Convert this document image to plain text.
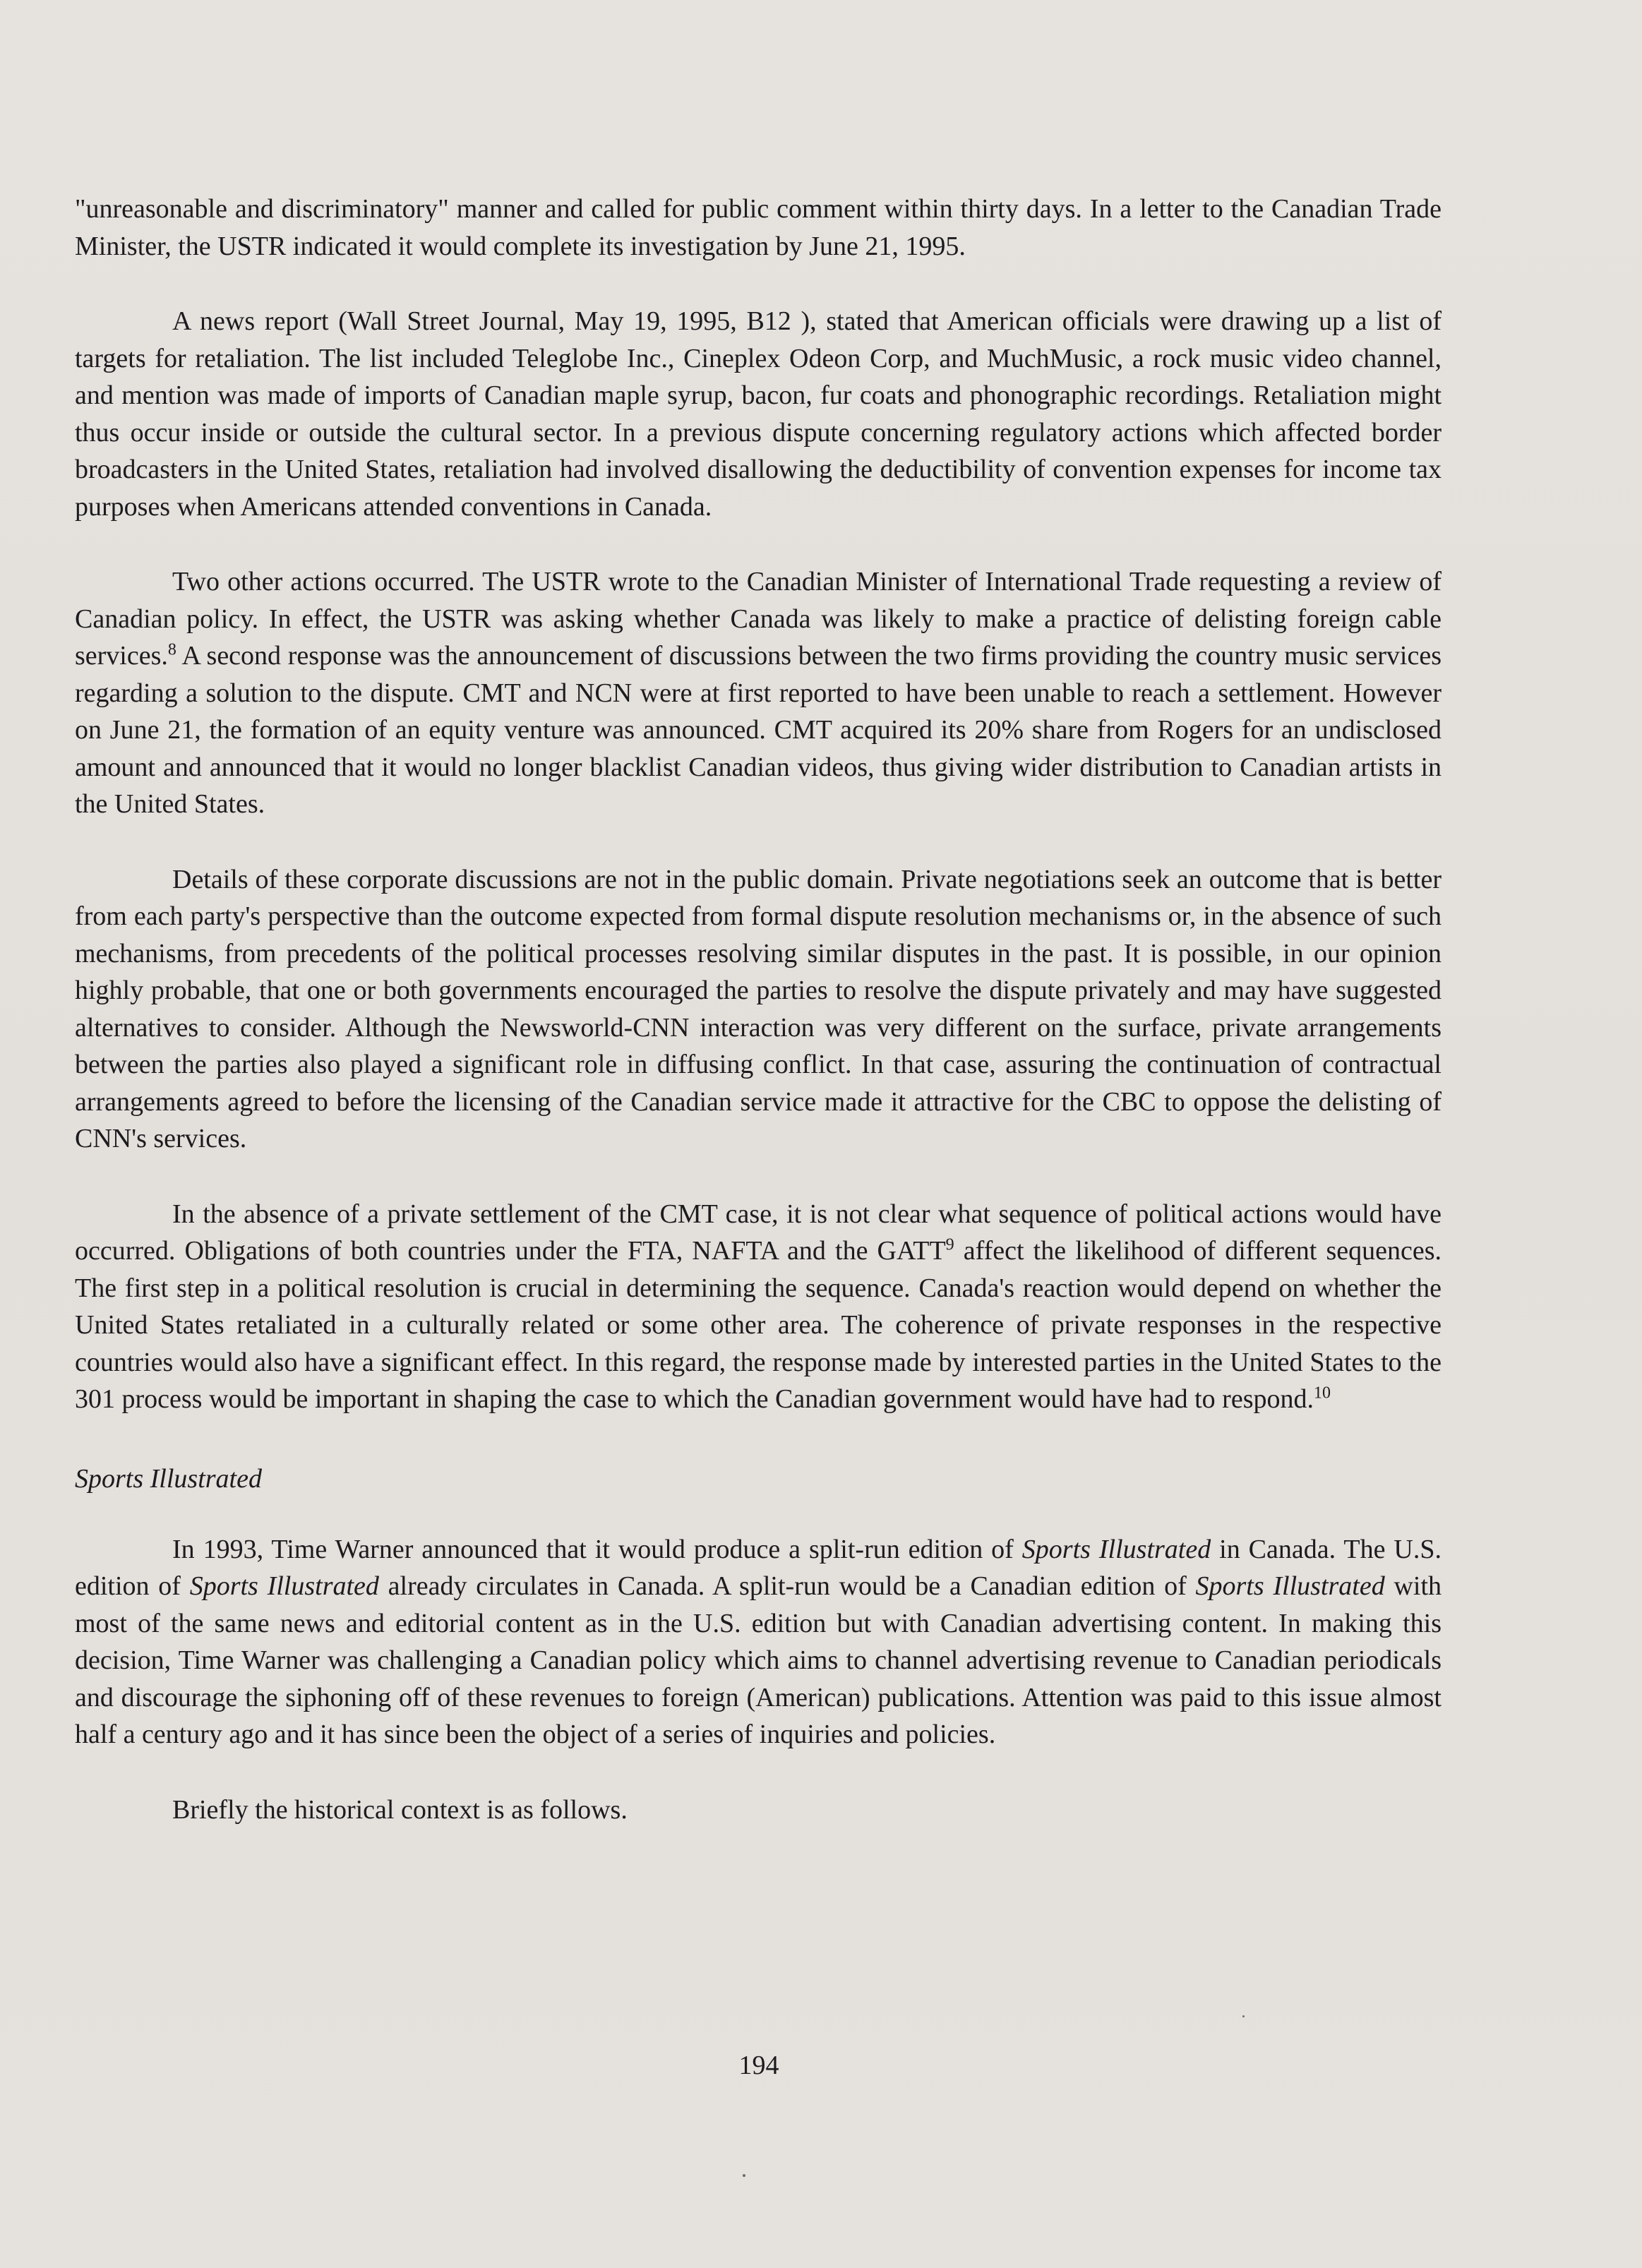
"unreasonable and discriminatory" manner and called for public comment within thirty days. In a letter to the Canadian Trade Minister, the USTR indicated it would complete its investigation by June 21, 1995.

A news report (Wall Street Journal, May 19, 1995, B12 ), stated that American officials were drawing up a list of targets for retaliation. The list included Teleglobe Inc., Cineplex Odeon Corp, and MuchMusic, a rock music video channel, and mention was made of imports of Canadian maple syrup, bacon, fur coats and phonographic recordings. Retaliation might thus occur inside or outside the cultural sector. In a previous dispute concerning regulatory actions which affected border broadcasters in the United States, retaliation had involved disallowing the deductibility of convention expenses for income tax purposes when Americans attended conventions in Canada.

Two other actions occurred. The USTR wrote to the Canadian Minister of International Trade requesting a review of Canadian policy. In effect, the USTR was asking whether Canada was likely to make a practice of delisting foreign cable services.$^8$ A second response was the announcement of discussions between the two firms providing the country music services regarding a solution to the dispute. CMT and NCN were at first reported to have been unable to reach a settlement. However on June 21, the formation of an equity venture was announced. CMT acquired its 20% share from Rogers for an undisclosed amount and announced that it would no longer blacklist Canadian videos, thus giving wider distribution to Canadian artists in the United States.

Details of these corporate discussions are not in the public domain. Private negotiations seek an outcome that is better from each party's perspective than the outcome expected from formal dispute resolution mechanisms or, in the absence of such mechanisms, from precedents of the political processes resolving similar disputes in the past. It is possible, in our opinion highly probable, that one or both governments encouraged the parties to resolve the dispute privately and may have suggested alternatives to consider. Although the Newsworld-CNN interaction was very different on the surface, private arrangements between the parties also played a significant role in diffusing conflict. In that case, assuring the continuation of contractual arrangements agreed to before the licensing of the Canadian service made it attractive for the CBC to oppose the delisting of CNN's services.

In the absence of a private settlement of the CMT case, it is not clear what sequence of political actions would have occurred. Obligations of both countries under the FTA, NAFTA and the GATT$^9$ affect the likelihood of different sequences. The first step in a political resolution is crucial in determining the sequence. Canada's reaction would depend on whether the United States retaliated in a culturally related or some other area. The coherence of private responses in the respective countries would also have a significant effect. In this regard, the response made by interested parties in the United States to the 301 process would be important in shaping the case to which the Canadian government would have had to respond.$^{10}$

Sports Illustrated

In 1993, Time Warner announced that it would produce a split-run edition of Sports Illustrated in Canada. The U.S. edition of Sports Illustrated already circulates in Canada. A split-run would be a Canadian edition of Sports Illustrated with most of the same news and editorial content as in the U.S. edition but with Canadian advertising content. In making this decision, Time Warner was challenging a Canadian policy which aims to channel advertising revenue to Canadian periodicals and discourage the siphoning off of these revenues to foreign (American) publications. Attention was paid to this issue almost half a century ago and it has since been the object of a series of inquiries and policies.

Briefly the historical context is as follows.

194
